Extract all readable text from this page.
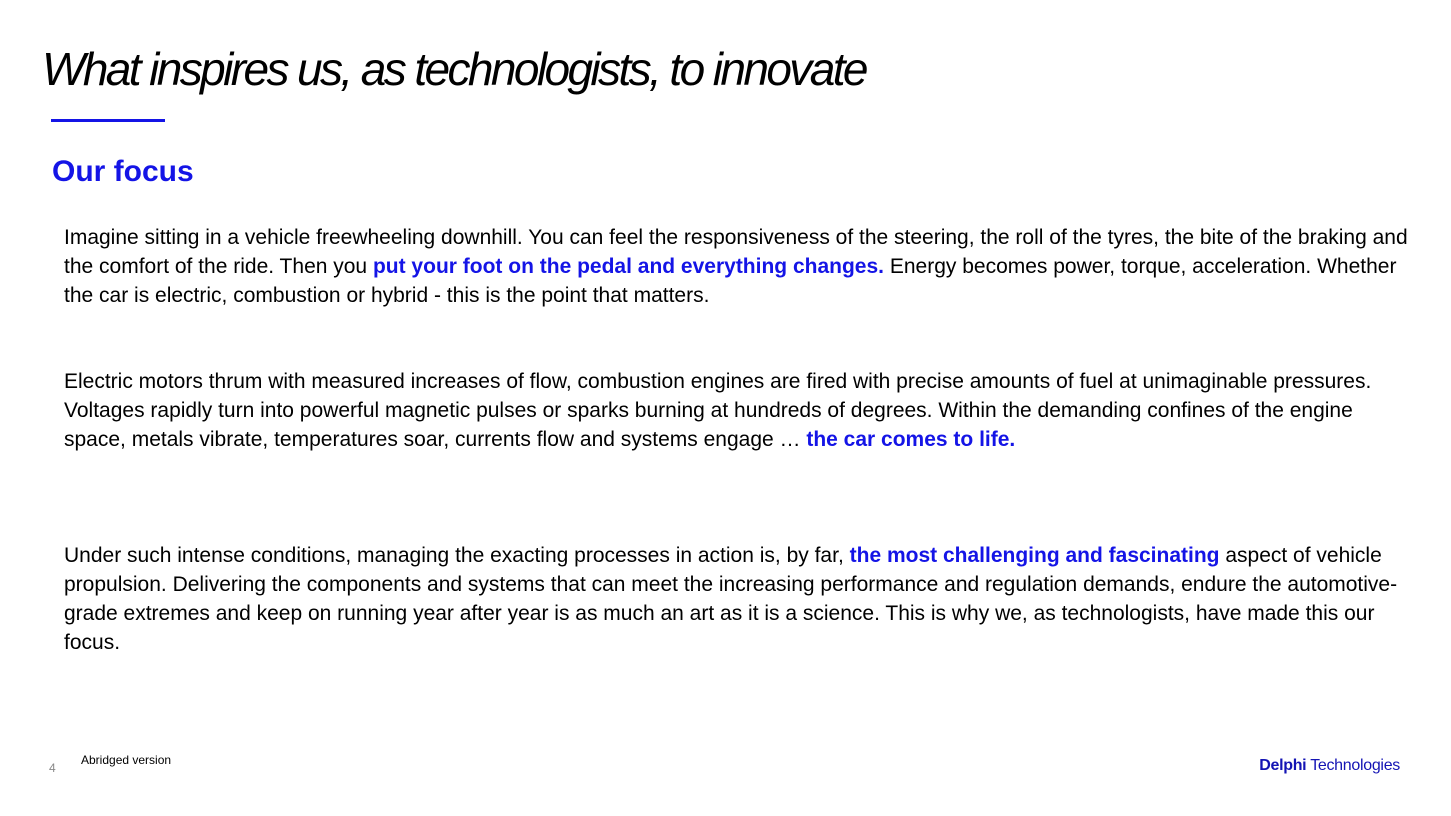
What inspires us, as technologists, to innovate
Our focus

Imagine sitting in a vehicle freewheeling downhill. You can feel the responsiveness of the steering, the roll of the tyres, the bite of the braking and the comfort of the ride. Then you put your foot on the pedal and everything changes. Energy becomes power, torque, acceleration. Whether the car is electric, combustion or hybrid - this is the point that matters.

Electric motors thrum with measured increases of flow, combustion engines are fired with precise amounts of fuel at unimaginable pressures. Voltages rapidly turn into powerful magnetic pulses or sparks burning at hundreds of degrees. Within the demanding confines of the engine space, metals vibrate, temperatures soar, currents flow and systems engage … the car comes to life.

Under such intense conditions, managing the exacting processes in action is, by far, the most challenging and fascinating aspect of vehicle propulsion. Delivering the components and systems that can meet the increasing performance and regulation demands, endure the automotive-grade extremes and keep on running year after year is as much an art as it is a science. This is why we, as technologists, have made this our focus.

4
Abridged version	Delphi Technologies
